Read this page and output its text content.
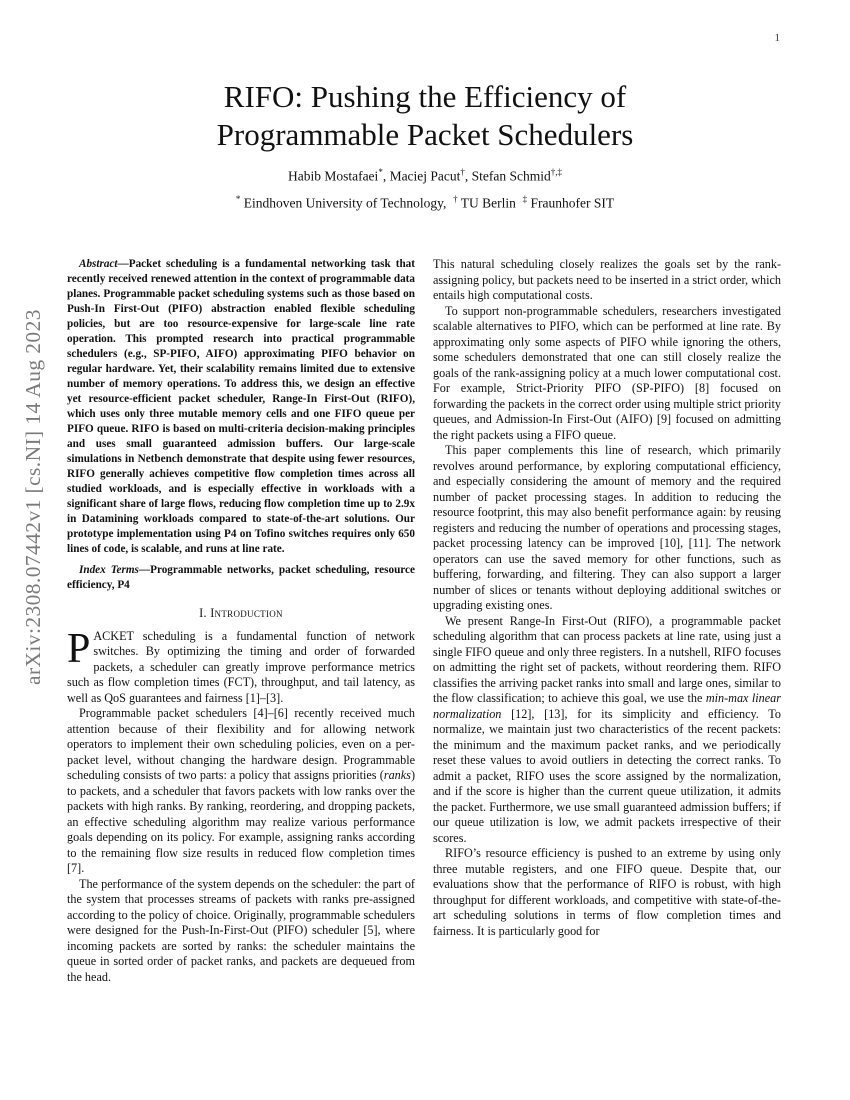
1
arXiv:2308.07442v1 [cs.NI] 14 Aug 2023
RIFO: Pushing the Efficiency of
Programmable Packet Schedulers
Habib Mostafaei*, Maciej Pacut†, Stefan Schmid†,‡
* Eindhoven University of Technology, † TU Berlin ‡ Fraunhofer SIT

Abstract—Packet scheduling is a fundamental networking task that recently received renewed attention in the context of programmable data planes. Programmable packet scheduling systems such as those based on Push-In First-Out (PIFO) abstraction enabled flexible scheduling policies, but are too resource-expensive for large-scale line rate operation. This prompted research into practical programmable schedulers (e.g., SP-PIFO, AIFO) approximating PIFO behavior on regular hardware. Yet, their scalability remains limited due to extensive number of memory operations. To address this, we design an effective yet resource-efficient packet scheduler, Range-In First-Out (RIFO), which uses only three mutable memory cells and one FIFO queue per PIFO queue. RIFO is based on multi-criteria decision-making principles and uses small guaranteed admission buffers. Our large-scale simulations in Netbench demonstrate that despite using fewer resources, RIFO generally achieves competitive flow completion times across all studied workloads, and is especially effective in workloads with a significant share of large flows, reducing flow completion time up to 2.9x in Datamining workloads compared to state-of-the-art solutions. Our prototype implementation using P4 on Tofino switches requires only 650 lines of code, is scalable, and runs at line rate.

Index Terms—Programmable networks, packet scheduling, resource efficiency, P4

I. Introduction

PACKET scheduling is a fundamental function of network switches. By optimizing the timing and order of forwarded packets, a scheduler can greatly improve performance metrics such as flow completion times (FCT), throughput, and tail latency, as well as QoS guarantees and fairness [1]–[3].

Programmable packet schedulers [4]–[6] recently received much attention because of their flexibility and for allowing network operators to implement their own scheduling policies, even on a per-packet level, without changing the hardware design. Programmable scheduling consists of two parts: a policy that assigns priorities (ranks) to packets, and a scheduler that favors packets with low ranks over the packets with high ranks. By ranking, reordering, and dropping packets, an effective scheduling algorithm may realize various performance goals depending on its policy. For example, assigning ranks according to the remaining flow size results in reduced flow completion times [7].

The performance of the system depends on the scheduler: the part of the system that processes streams of packets with ranks pre-assigned according to the policy of choice. Originally, programmable schedulers were designed for the Push-In-First-Out (PIFO) scheduler [5], where incoming packets are sorted by ranks: the scheduler maintains the queue in sorted order of packet ranks, and packets are dequeued from the head.

This natural scheduling closely realizes the goals set by the rank-assigning policy, but packets need to be inserted in a strict order, which entails high computational costs.

To support non-programmable schedulers, researchers investigated scalable alternatives to PIFO, which can be performed at line rate. By approximating only some aspects of PIFO while ignoring the others, some schedulers demonstrated that one can still closely realize the goals of the rank-assigning policy at a much lower computational cost. For example, Strict-Priority PIFO (SP-PIFO) [8] focused on forwarding the packets in the correct order using multiple strict priority queues, and Admission-In First-Out (AIFO) [9] focused on admitting the right packets using a FIFO queue.

This paper complements this line of research, which primarily revolves around performance, by exploring computational efficiency, and especially considering the amount of memory and the required number of packet processing stages. In addition to reducing the resource footprint, this may also benefit performance again: by reusing registers and reducing the number of operations and processing stages, packet processing latency can be improved [10], [11]. The network operators can use the saved memory for other functions, such as buffering, forwarding, and filtering. They can also support a larger number of slices or tenants without deploying additional switches or upgrading existing ones.

We present Range-In First-Out (RIFO), a programmable packet scheduling algorithm that can process packets at line rate, using just a single FIFO queue and only three registers. In a nutshell, RIFO focuses on admitting the right set of packets, without reordering them. RIFO classifies the arriving packet ranks into small and large ones, similar to the flow classification; to achieve this goal, we use the min-max linear normalization [12], [13], for its simplicity and efficiency. To normalize, we maintain just two characteristics of the recent packets: the minimum and the maximum packet ranks, and we periodically reset these values to avoid outliers in detecting the correct ranks. To admit a packet, RIFO uses the score assigned by the normalization, and if the score is higher than the current queue utilization, it admits the packet. Furthermore, we use small guaranteed admission buffers; if our queue utilization is low, we admit packets irrespective of their scores.

RIFO’s resource efficiency is pushed to an extreme by using only three mutable registers, and one FIFO queue. Despite that, our evaluations show that the performance of RIFO is robust, with high throughput for different workloads, and competitive with state-of-the-art scheduling solutions in terms of flow completion times and fairness. It is particularly good for
